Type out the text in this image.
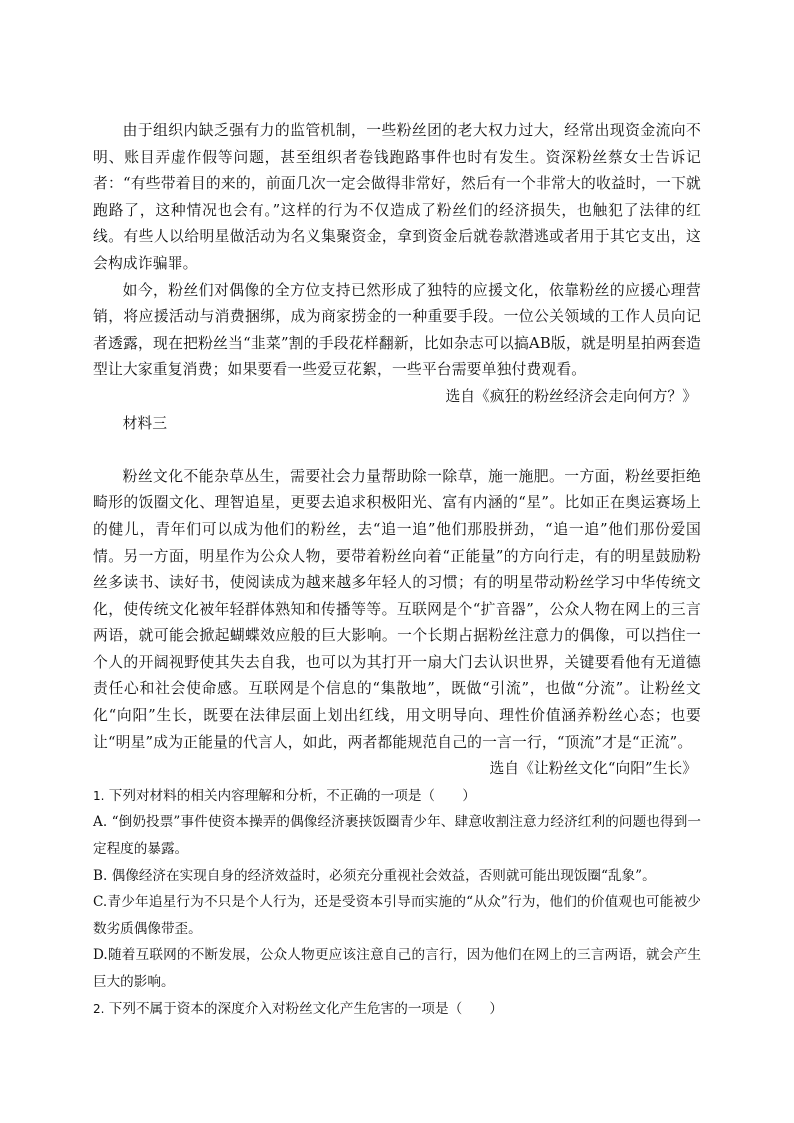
由于组织内缺乏强有力的监管机制，一些粉丝团的老大权力过大，经常出现资金流向不明、账目弄虚作假等问题，甚至组织者卷钱跑路事件也时有发生。资深粉丝蔡女士告诉记者：“有些带着目的来的，前面几次一定会做得非常好，然后有一个非常大的收益时，一下就跑路了，这种情况也会有。”这样的行为不仅造成了粉丝们的经济损失，也触犯了法律的红线。有些人以给明星做活动为名义集聚资金，拿到资金后就卷款潜逃或者用于其它支出，这会构成诈骗罪。

如今，粉丝们对偶像的全方位支持已然形成了独特的应援文化，依靠粉丝的应援心理营销，将应援活动与消费捆绑，成为商家捞金的一种重要手段。一位公关领域的工作人员向记者透露，现在把粉丝当“韭菜”割的手段花样翻新，比如杂志可以搞AB版，就是明星拍两套造型让大家重复消费；如果要看一些爱豆花絮，一些平台需要单独付费观看。

选自《疯狂的粉丝经济会走向何方？》

材料三

粉丝文化不能杂草丛生，需要社会力量帮助除一除草，施一施肥。一方面，粉丝要拒绝畸形的饭圈文化、理智追星，更要去追求积极阳光、富有内涵的“星”。比如正在奥运赛场上的健儿，青年们可以成为他们的粉丝，去“追一追”他们那股拼劲，“追一追”他们那份爱国情。另一方面，明星作为公众人物，要带着粉丝向着“正能量”的方向行走，有的明星鼓励粉丝多读书、读好书，使阅读成为越来越多年轻人的习惯；有的明星带动粉丝学习中华传统文化，使传统文化被年轻群体熟知和传播等等。互联网是个“扩音器”，公众人物在网上的三言两语，就可能会掀起蝴蝶效应般的巨大影响。一个长期占据粉丝注意力的偶像，可以挡住一个人的开阔视野使其失去自我，也可以为其打开一扇大门去认识世界，关键要看他有无道德责任心和社会使命感。互联网是个信息的“集散地”，既做“引流”，也做“分流”。让粉丝文化“向阳”生长，既要在法律层面上划出红线，用文明导向、理性价值涵养粉丝心态；也要让“明星”成为正能量的代言人，如此，两者都能规范自己的一言一行，“顶流”才是“正流”。

选自《让粉丝文化“向阳”生长》

1. 下列对材料的相关内容理解和分析，不正确的一项是（　　）

A. “倒奶投票”事件使资本操弄的偶像经济裹挟饭圈青少年、肆意收割注意力经济红利的问题也得到一定程度的暴露。

B. 偶像经济在实现自身的经济效益时，必须充分重视社会效益，否则就可能出现饭圈“乱象”。

C.青少年追星行为不只是个人行为，还是受资本引导而实施的“从众”行为，他们的价值观也可能被少数劣质偶像带歪。

D.随着互联网的不断发展，公众人物更应该注意自己的言行，因为他们在网上的三言两语，就会产生巨大的影响。

2. 下列不属于资本的深度介入对粉丝文化产生危害的一项是（　　）
